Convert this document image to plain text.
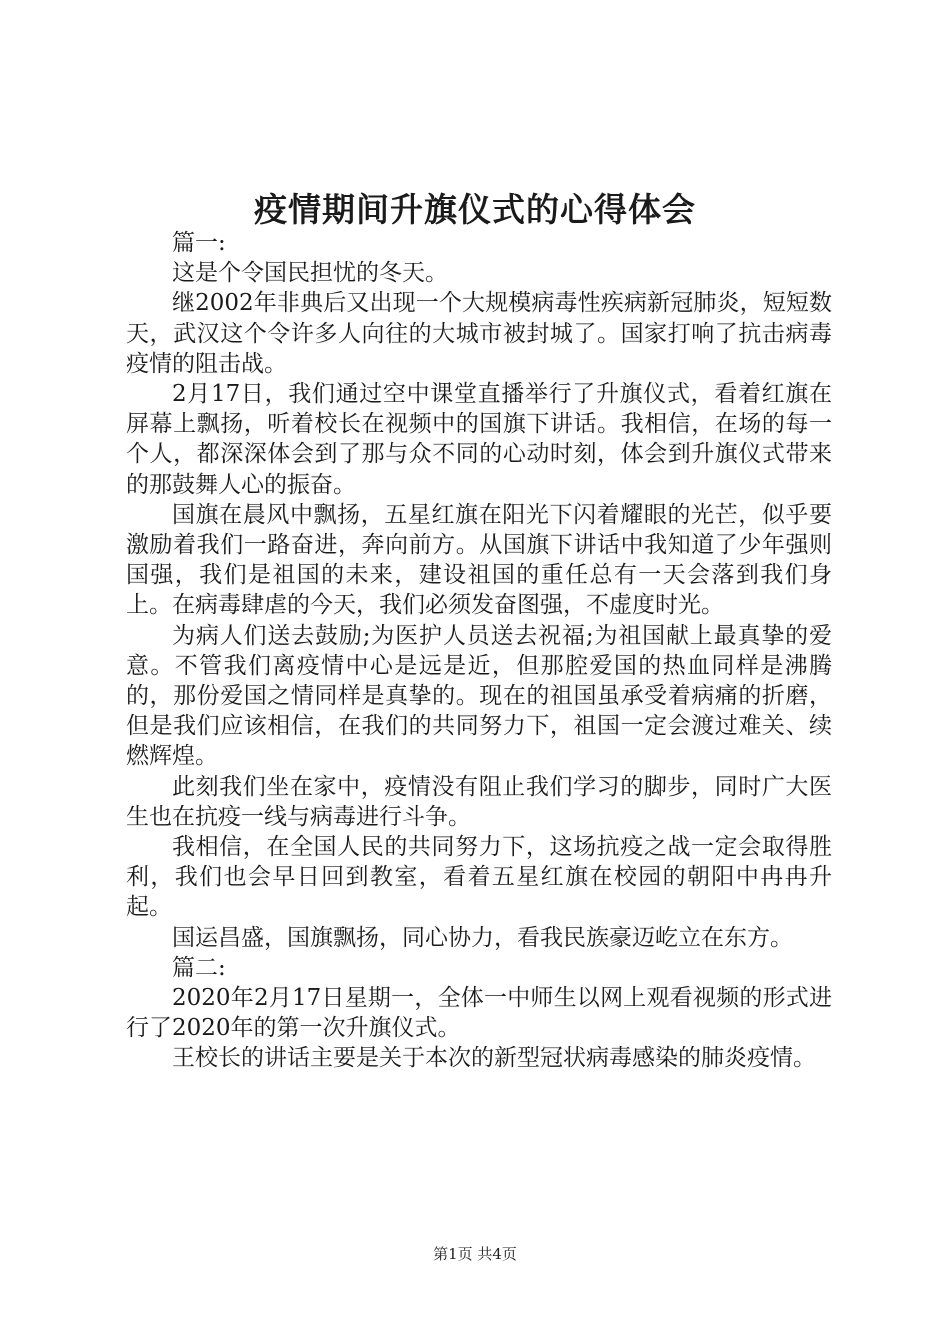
疫情期间升旗仪式的心得体会

篇一:

这是个令国民担忧的冬天。

继2002年非典后又出现一个大规模病毒性疾病新冠肺炎，短短数天，武汉这个令许多人向往的大城市被封城了。国家打响了抗击病毒疫情的阻击战。

2月17日，我们通过空中课堂直播举行了升旗仪式，看着红旗在屏幕上飘扬，听着校长在视频中的国旗下讲话。我相信，在场的每一个人，都深深体会到了那与众不同的心动时刻，体会到升旗仪式带来的那鼓舞人心的振奋。

国旗在晨风中飘扬，五星红旗在阳光下闪着耀眼的光芒，似乎要激励着我们一路奋进，奔向前方。从国旗下讲话中我知道了少年强则国强，我们是祖国的未来，建设祖国的重任总有一天会落到我们身上。在病毒肆虐的今天，我们必须发奋图强，不虚度时光。

为病人们送去鼓励;为医护人员送去祝福;为祖国献上最真挚的爱意。不管我们离疫情中心是远是近，但那腔爱国的热血同样是沸腾的，那份爱国之情同样是真挚的。现在的祖国虽承受着病痛的折磨，但是我们应该相信，在我们的共同努力下，祖国一定会渡过难关、续燃辉煌。

此刻我们坐在家中，疫情没有阻止我们学习的脚步，同时广大医生也在抗疫一线与病毒进行斗争。

我相信，在全国人民的共同努力下，这场抗疫之战一定会取得胜利，我们也会早日回到教室，看着五星红旗在校园的朝阳中冉冉升起。

国运昌盛，国旗飘扬，同心协力，看我民族豪迈屹立在东方。

篇二:

2020年2月17日星期一，全体一中师生以网上观看视频的形式进行了2020年的第一次升旗仪式。

王校长的讲话主要是关于本次的新型冠状病毒感染的肺炎疫情。

第1页 共4页
